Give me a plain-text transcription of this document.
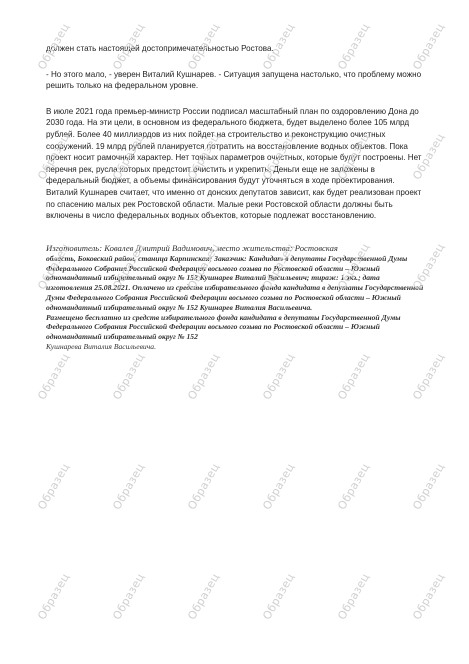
должен стать настоящей достопримечательностью Ростова.

- Но этого мало, - уверен Виталий Кушнарев. - Ситуация запущена настолько, что проблему можно решить только на федеральном уровне.

В июле 2021 года премьер-министр России подписал масштабный план по оздоровлению Дона до 2030 года. На эти цели, в основном из федерального бюджета, будет выделено более 105 млрд рублей. Более 40 миллиардов из них пойдет на строительство и реконструкцию очистных сооружений. 19 млрд рублей планируется потратить на восстановление водных объектов. Пока проект носит рамочный характер. Нет точных параметров очистных, которые будут построены. Нет перечня рек, русла которых предстоит очистить и укрепить. Деньги еще не заложены в федеральный бюджет, а объемы финансирования будут уточняться в ходе проектирования.

Виталий Кушнарев считает, что именно от донских депутатов зависит, как будет реализован проект по спасению малых рек Ростовской области. Малые реки Ростовской области должны быть включены в число федеральных водных объектов, которые подлежат восстановлению.

Изготовитель: Ковалев Дмитрий Вадимович, место жительства: Ростовская

область, Боковский район, станица Карпинская; Заказчик: Кандидат в депутаты Государственной Думы Федерального Собрания Российской Федерации восьмого созыва по Ростовской области – Южный одномандатный избирательный округ № 152 Кушнарев Виталий Васильевич; тираж: 1 экз.; дата изготовления 25.08.2021. Оплачено из средств избирательного фонда кандидата в депутаты Государственной Думы Федерального Собрания Российской Федерации восьмого созыва по Ростовской области – Южный одномандатный избирательный округ № 152 Кушнарев Виталия Васильевича.

Размещено бесплатно из средств избирательного фонда кандидата в депутаты Государственной Думы Федерального Собрания Российской Федерации восьмого созыва по Ростовской области – Южный одномандатный избирательный округ № 152

Кушнарева Виталия Васильевича.

Образец	Образец	Образец	Образец	Образец	Образец
Образец	Образец	Образец	Образец	Образец	Образец
Образец	Образец	Образец	Образец	Образец	Образец
Образец	Образец	Образец	Образец	Образец	Образец
Образец	Образец	Образец	Образец	Образец	Образец
Образец	Образец	Образец	Образец	Образец	Образец
